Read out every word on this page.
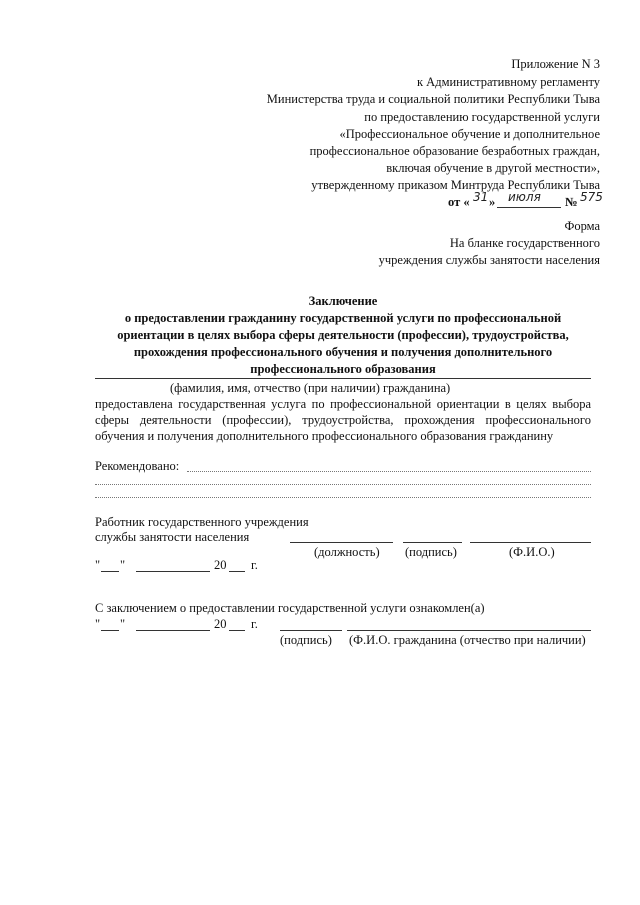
Приложение N 3
к Административному регламенту
Министерства труда и социальной политики Республики Тыва
по предоставлению государственной услуги
«Профессиональное обучение и дополнительное
профессиональное образование безработных граждан,
включая обучение в другой местности»,
утвержденному приказом Минтруда Республики Тыва
от « 31 » июля № 575
Форма
На бланке государственного
учреждения службы занятости населения
Заключение
о предоставлении гражданину государственной услуги по профессиональной
ориентации в целях выбора сферы деятельности (профессии), трудоустройства,
прохождения профессионального обучения и получения дополнительного
профессионального образования
(фамилия, имя, отчество (при наличии) гражданина)
предоставлена государственная услуга по профессиональной ориентации в целях выбора
сферы деятельности (профессии), трудоустройства, прохождения профессионального
обучения и получения дополнительного профессионального образования гражданину
Рекомендовано:
Работник государственного учреждения
службы занятости населения
(должность) (подпись)	(Ф.И.О.)
" "	20 г.
С заключением о предоставлении государственной услуги ознакомлен(а)
" "	20 г.
(подпись) (Ф.И.О. гражданина (отчество при наличии)
